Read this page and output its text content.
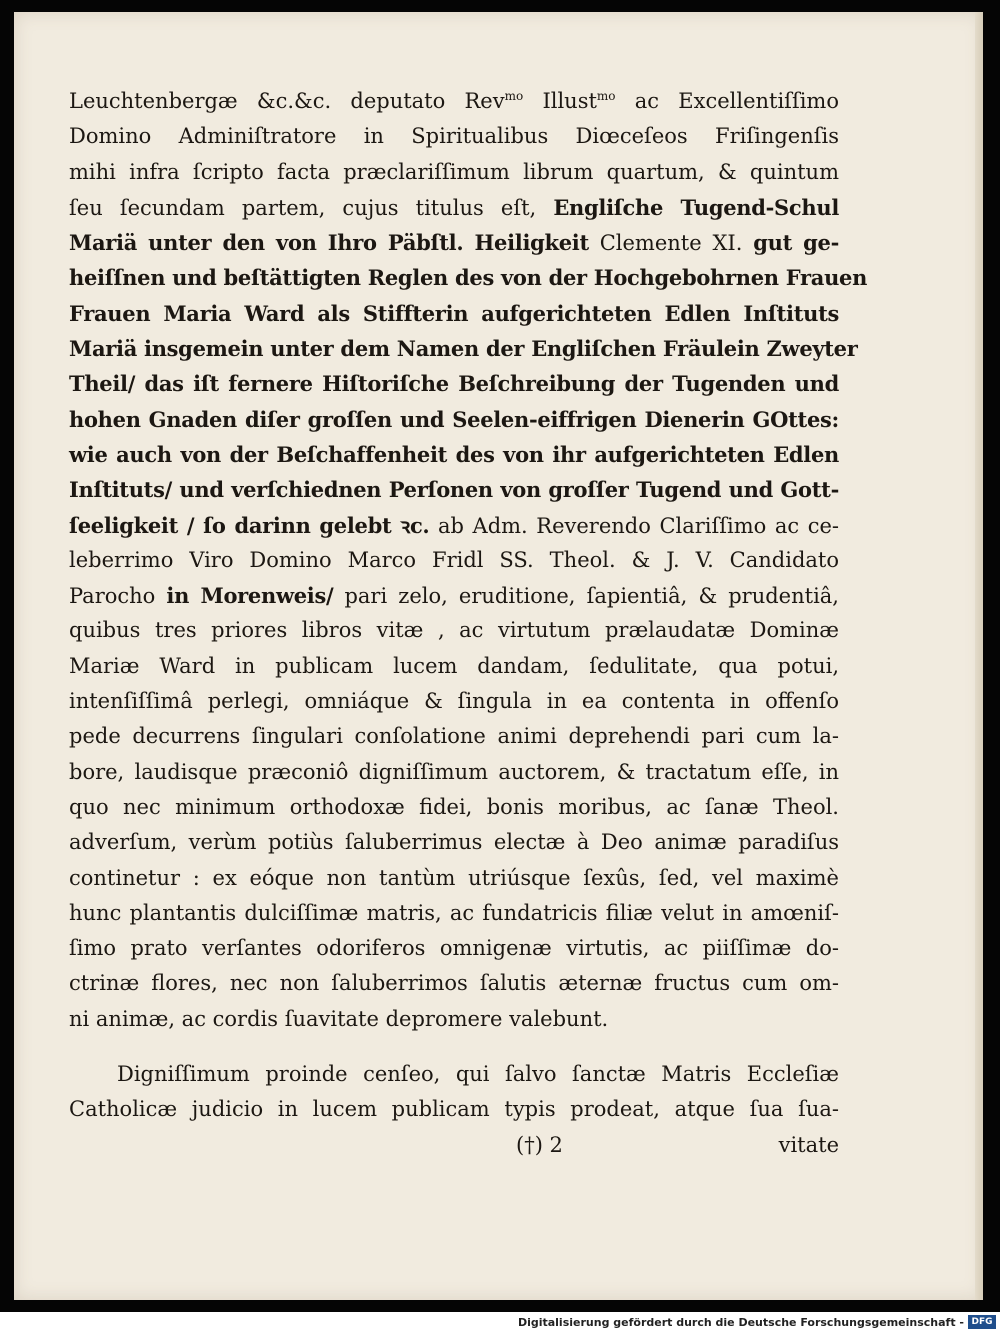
Leuchtenbergæ &c.&c. deputato Rev$^{mo}$ Illust$^{mo}$ ac Excellentiſſimo
Domino Adminiſtratore in Spiritualibus Diœceſeos Friſingenſis
mihi infra ſcripto facta præclariſſimum librum quartum, & quintum
ſeu ſecundam partem, cujus titulus eſt, Engliſche Tugend-Schul
Mariä unter den von Ihro Päbſtl. Heiligkeit Clemente XI. gut ge-
heiſſnen und beſtättigten Reglen des von der Hochgebohrnen Frauen
Frauen Maria Ward als Stiffterin aufgerichteten Edlen Inſtituts
Mariä insgemein unter dem Namen der Engliſchen Fräulein Zweyter
Theil/ das iſt fernere Hiſtoriſche Beſchreibung der Tugenden und
hohen Gnaden diſer groſſen und Seelen-eiffrigen Dienerin GOttes:
wie auch von der Beſchaffenheit des von ihr aufgerichteten Edlen
Inſtituts/ und verſchiednen Perſonen von groſſer Tugend und Gott-
ſeeligkeit / ſo darinn gelebt ꝛc. ab Adm. Reverendo Clariſſimo ac ce-
leberrimo Viro Domino Marco Fridl SS. Theol. & J. V. Candidato
Parocho in Morenweis/ pari zelo, eruditione, ſapientiâ, & prudentiâ,
quibus tres priores libros vitæ , ac virtutum prælaudatæ Dominæ
Mariæ Ward in publicam lucem dandam, ſedulitate, qua potui,
intenſiſſimâ perlegi, omniáque & ſingula in ea contenta in offenſo
pede decurrens ſingulari conſolatione animi deprehendi pari cum la-
bore, laudisque præconiô digniſſimum auctorem, & tractatum eſſe, in
quo nec minimum orthodoxæ fidei, bonis moribus, ac ſanæ Theol.
adverſum, verùm potiùs ſaluberrimus electæ à Deo animæ paradiſus
continetur : ex eóque non tantùm utriúsque ſexûs, ſed, vel maximè
hunc plantantis dulciſſimæ matris, ac fundatricis filiæ velut in amœniſ-
ſimo prato verſantes odoriferos omnigenæ virtutis, ac piiſſimæ do-
ctrinæ flores, nec non ſaluberrimos ſalutis æternæ fructus cum om-
ni animæ, ac cordis ſuavitate depromere valebunt.
Digniſſimum proinde cenſeo, qui ſalvo ſanctæ Matris Eccleſiæ
Catholicæ judicio in lucem publicam typis prodeat, atque ſua ſua-
(†) 2	vitate
Digitalisierung gefördert durch die Deutsche Forschungsgemeinschaft - DFG
